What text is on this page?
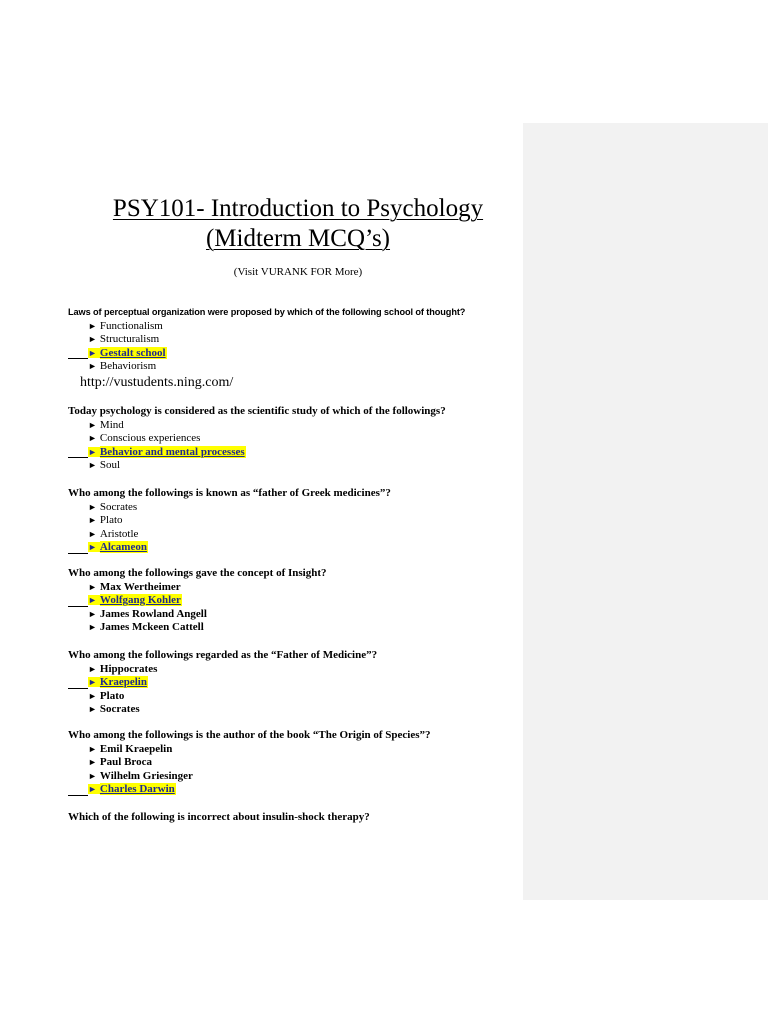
PSY101- Introduction to Psychology
(Midterm MCQ’s)
(Visit VURANK FOR More)
Laws of perceptual organization were proposed by which of the following school of thought?
► Functionalism
► Structuralism
► Gestalt school
► Behaviorism
http://vustudents.ning.com/
Today psychology is considered as the scientific study of which of the followings?
► Mind
► Conscious experiences
► Behavior and mental processes
► Soul
Who among the followings is known as “father of Greek medicines”?
► Socrates
► Plato
► Aristotle
► Alcameon
Who among the followings gave the concept of Insight?
► Max Wertheimer
► Wolfgang Kohler
► James Rowland Angell
► James Mckeen Cattell
Who among the followings regarded as the “Father of Medicine”?
► Hippocrates
► Kraepelin
► Plato
► Socrates
Who among the followings is the author of the book “The Origin of Species”?
► Emil Kraepelin
► Paul Broca
► Wilhelm Griesinger
► Charles Darwin
Which of the following is incorrect about insulin-shock therapy?
